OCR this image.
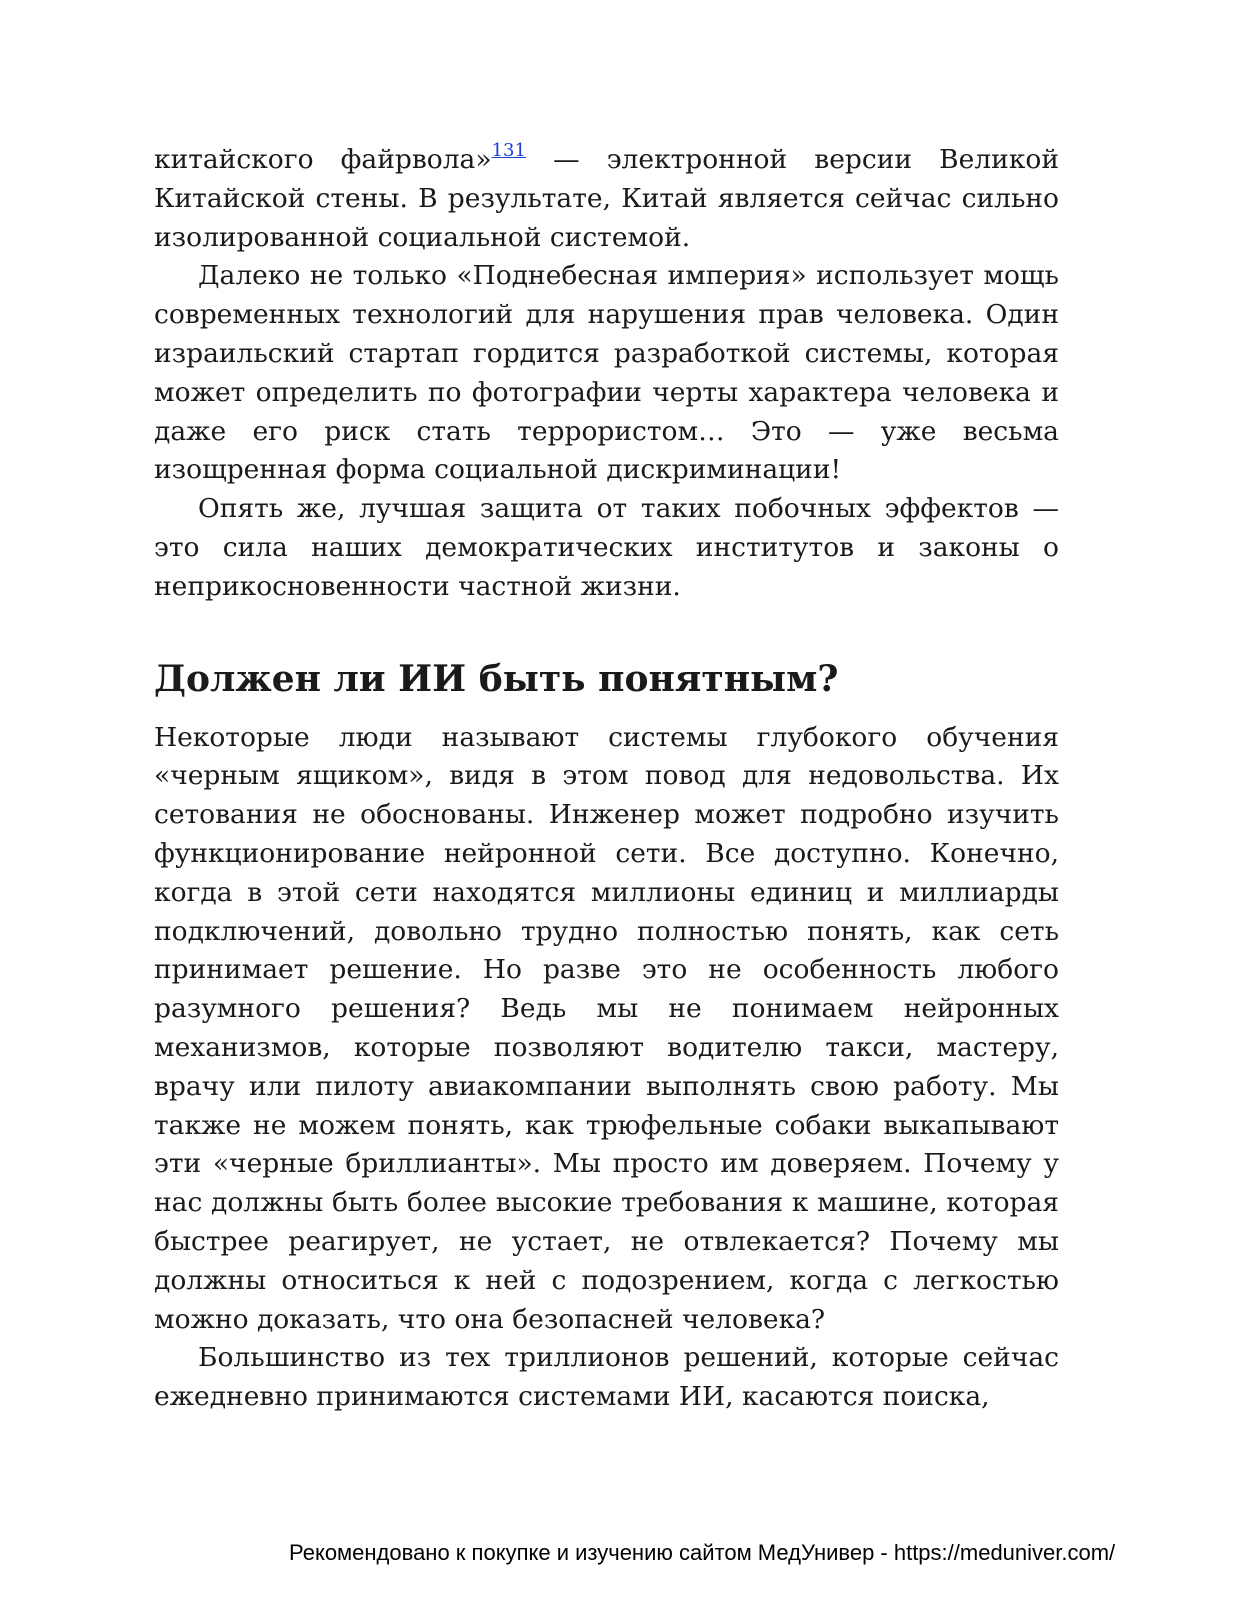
китайского файрвола»$^{131}$ — электронной версии Великой Китайской стены. В результате, Китай является сейчас сильно изолированной социальной системой.

Далеко не только «Поднебесная империя» использует мощь современных технологий для нарушения прав человека. Один израильский стартап гордится разработкой системы, которая может определить по фотографии черты характера человека и даже его риск стать террористом… Это — уже весьма изощренная форма социальной дискриминации!

Опять же, лучшая защита от таких побочных эффектов — это сила наших демократических институтов и законы о неприкосновенности частной жизни.

Должен ли ИИ быть понятным?

Некоторые люди называют системы глубокого обучения «черным ящиком», видя в этом повод для недовольства. Их сетования не обоснованы. Инженер может подробно изучить функционирование нейронной сети. Все доступно. Конечно, когда в этой сети находятся миллионы единиц и миллиарды подключений, довольно трудно полностью понять, как сеть принимает решение. Но разве это не особенность любого разумного решения? Ведь мы не понимаем нейронных механизмов, которые позволяют водителю такси, мастеру, врачу или пилоту авиакомпании выполнять свою работу. Мы также не можем понять, как трюфельные собаки выкапывают эти «черные бриллианты». Мы просто им доверяем. Почему у нас должны быть более высокие требования к машине, которая быстрее реагирует, не устает, не отвлекается? Почему мы должны относиться к ней с подозрением, когда с легкостью можно доказать, что она безопасней человека?

Большинство из тех триллионов решений, которые сейчас ежедневно принимаются системами ИИ, касаются поиска,

Рекомендовано к покупке и изучению сайтом МедУнивер - https://meduniver.com/
